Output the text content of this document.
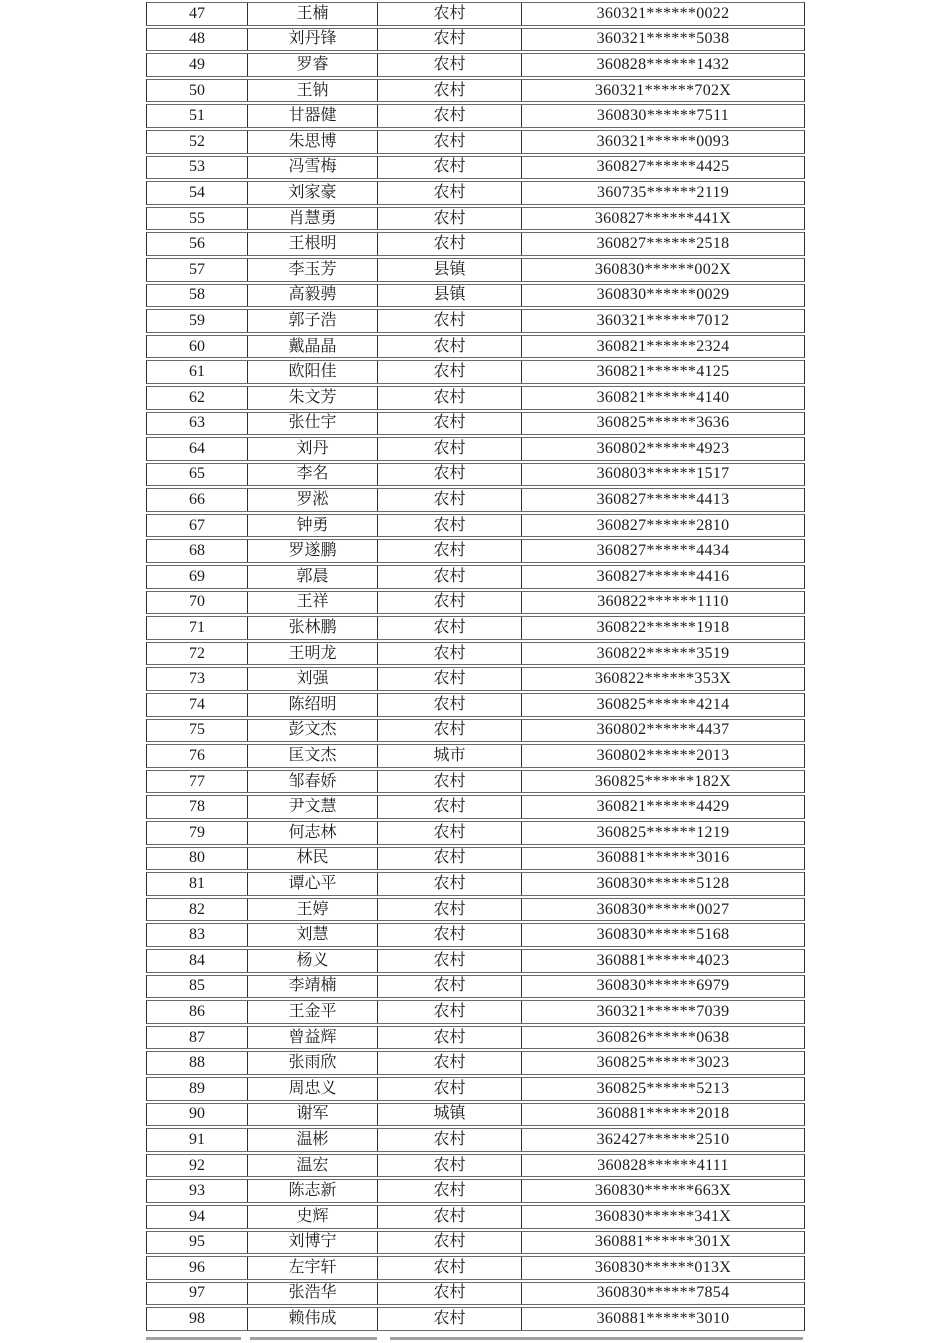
47	王楠	农村	360321******0022
48	刘丹锋	农村	360321******5038
49	罗睿	农村	360828******1432
50	王钠	农村	360321******702X
51	甘器健	农村	360830******7511
52	朱思博	农村	360321******0093
53	冯雪梅	农村	360827******4425
54	刘家豪	农村	360735******2119
55	肖慧勇	农村	360827******441X
56	王根明	农村	360827******2518
57	李玉芳	县镇	360830******002X
58	高毅骋	县镇	360830******0029
59	郭子浩	农村	360321******7012
60	戴晶晶	农村	360821******2324
61	欧阳佳	农村	360821******4125
62	朱文芳	农村	360821******4140
63	张仕宇	农村	360825******3636
64	刘丹	农村	360802******4923
65	李名	农村	360803******1517
66	罗淞	农村	360827******4413
67	钟勇	农村	360827******2810
68	罗遂鹏	农村	360827******4434
69	郭晨	农村	360827******4416
70	王祥	农村	360822******1110
71	张林鹏	农村	360822******1918
72	王明龙	农村	360822******3519
73	刘强	农村	360822******353X
74	陈绍明	农村	360825******4214
75	彭文杰	农村	360802******4437
76	匡文杰	城市	360802******2013
77	邹春娇	农村	360825******182X
78	尹文慧	农村	360821******4429
79	何志林	农村	360825******1219
80	林民	农村	360881******3016
81	谭心平	农村	360830******5128
82	王婷	农村	360830******0027
83	刘慧	农村	360830******5168
84	杨义	农村	360881******4023
85	李靖楠	农村	360830******6979
86	王金平	农村	360321******7039
87	曾益辉	农村	360826******0638
88	张雨欣	农村	360825******3023
89	周忠义	农村	360825******5213
90	谢军	城镇	360881******2018
91	温彬	农村	362427******2510
92	温宏	农村	360828******4111
93	陈志新	农村	360830******663X
94	史辉	农村	360830******341X
95	刘博宁	农村	360881******301X
96	左宇轩	农村	360830******013X
97	张浩华	农村	360830******7854
98	赖伟成	农村	360881******3010
